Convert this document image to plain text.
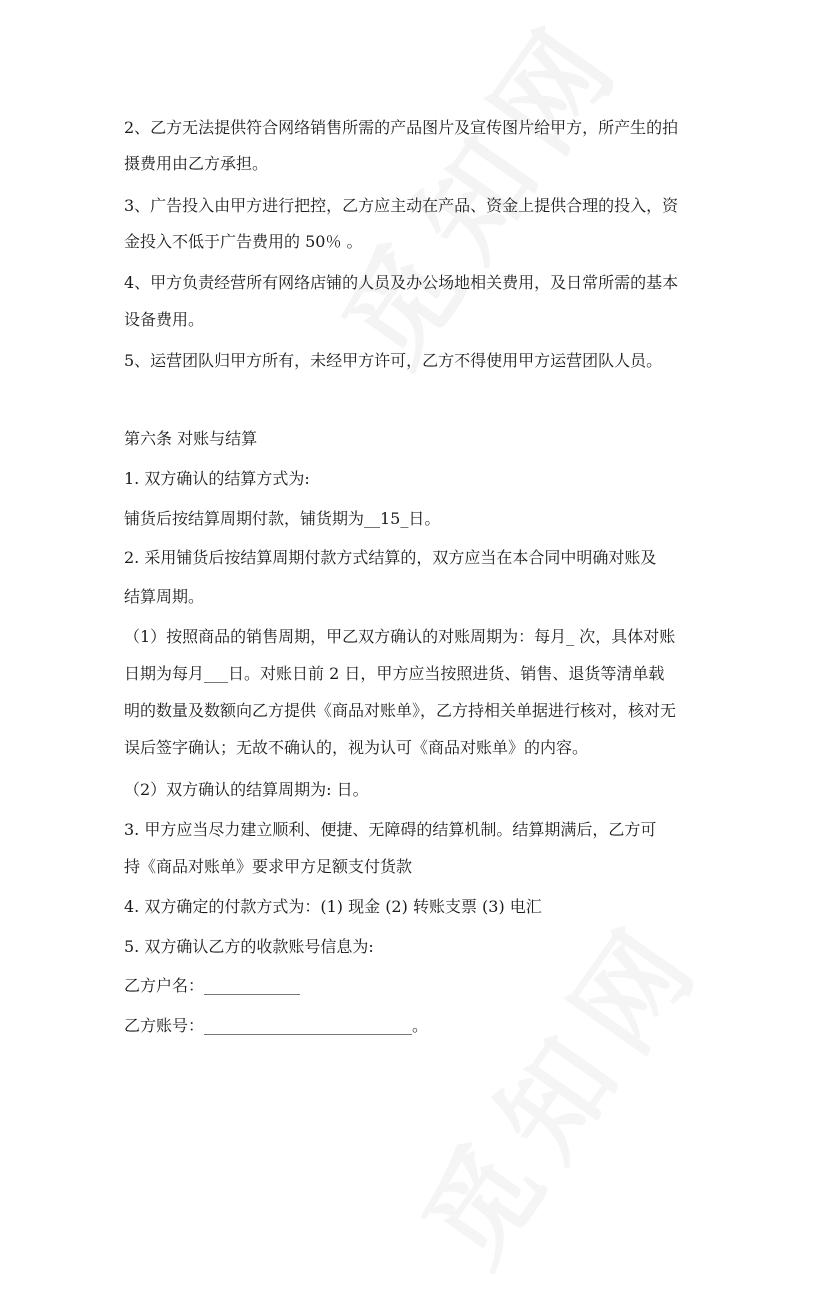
2、乙方无法提供符合网络销售所需的产品图片及宣传图片给甲方，所产生的拍
摄费用由乙方承担。
3、广告投入由甲方进行把控，乙方应主动在产品、资金上提供合理的投入，资
金投入不低于广告费用的 50％ 。
4、甲方负责经营所有网络店铺的人员及办公场地相关费用，及日常所需的基本
设备费用。
5、运营团队归甲方所有，未经甲方许可，乙方不得使用甲方运营团队人员。
第六条 对账与结算
1. 双方确认的结算方式为:
铺货后按结算周期付款，铺货期为__15_日。
2. 采用铺货后按结算周期付款方式结算的，双方应当在本合同中明确对账及
结算周期。
（1）按照商品的销售周期，甲乙双方确认的对账周期为：每月_ 次，具体对账
日期为每月___日。对账日前 2 日，甲方应当按照进货、销售、退货等清单载
明的数量及数额向乙方提供《商品对账单》，乙方持相关单据进行核对，核对无
误后签字确认；无故不确认的，视为认可《商品对账单》的内容。
（2）双方确认的结算周期为: 日。
3. 甲方应当尽力建立顺利、便捷、无障碍的结算机制。结算期满后，乙方可
持《商品对账单》要求甲方足额支付货款
4. 双方确定的付款方式为：(1) 现金 (2) 转账支票 (3) 电汇
5. 双方确认乙方的收款账号信息为:
乙方户名：____________
乙方账号：__________________________。
